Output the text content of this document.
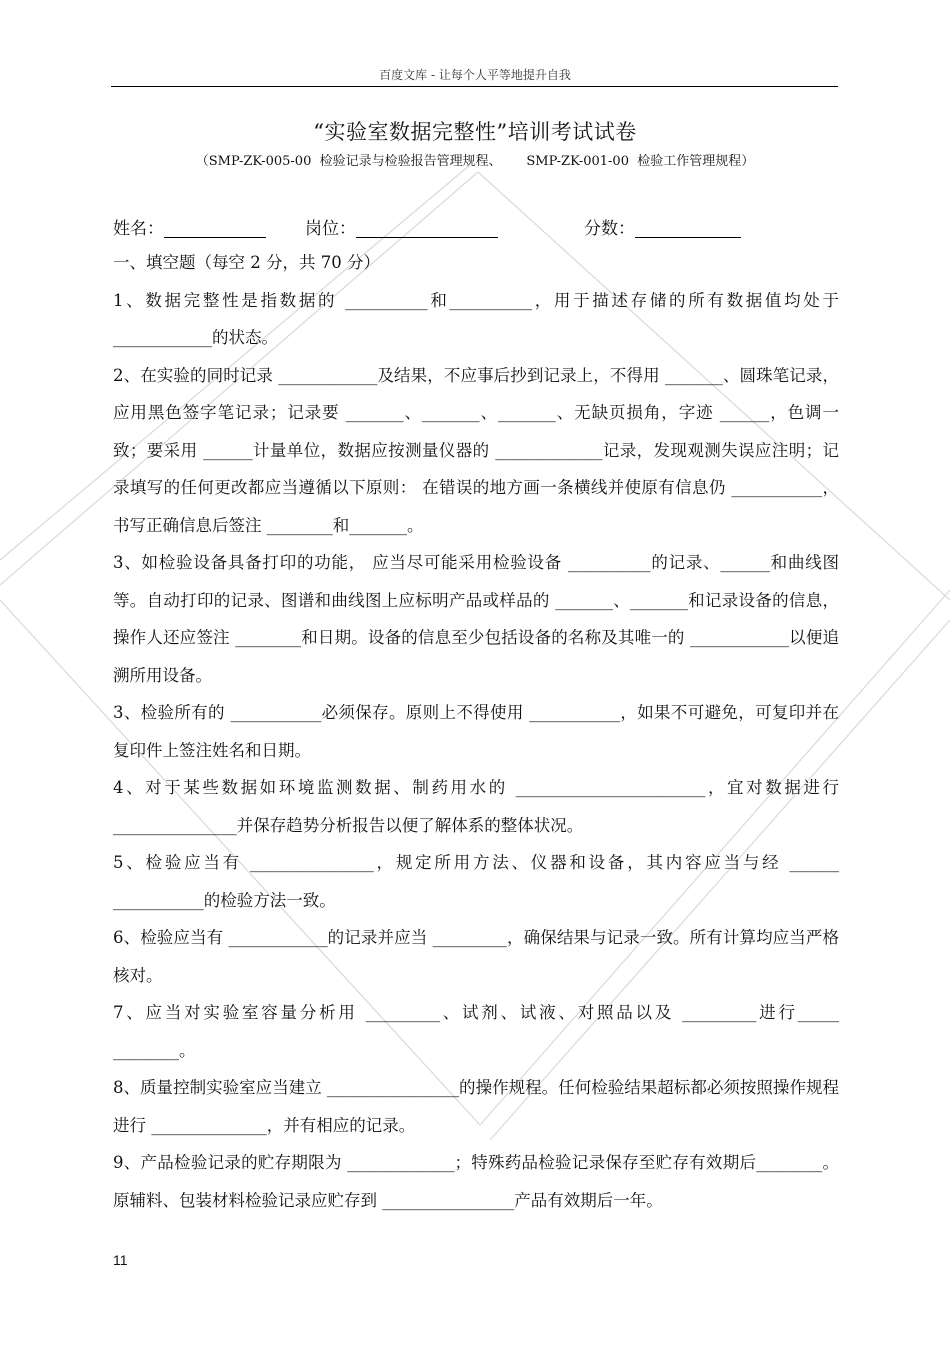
百度文库 - 让每个人平等地提升自我
“实验室数据完整性”培训考试试卷
（SMP-ZK-005-00  检验记录与检验报告管理规程、      SMP-ZK-001-00  检验工作管理规程）
姓名：	岗位：	分数：

一、填空题（每空 2 分，共 70 分）

1、数据完整性是指数据的 __________和__________，用于描述存储的所有数据值均处于 ____________的状态。

2、在实验的同时记录 ____________及结果，不应事后抄到记录上，不得用 _______、圆珠笔记录，应用黑色签字笔记录；记录要 _______、_______、_______、无缺页损角，字迹 ______，色调一致；要采用 ______计量单位，数据应按测量仪器的 _____________记录，发现观测失误应注明；记录填写的任何更改都应当遵循以下原则： 在错误的地方画一条横线并使原有信息仍 ___________，书写正确信息后签注 ________和_______。

3、如检验设备具备打印的功能， 应当尽可能采用检验设备 __________的记录、______和曲线图等。自动打印的记录、图谱和曲线图上应标明产品或样品的 _______、_______和记录设备的信息，操作人还应签注 ________和日期。设备的信息至少包括设备的名称及其唯一的 ____________以便追溯所用设备。

3、检验所有的 ___________必须保存。原则上不得使用 ___________，如果不可避免，可复印并在复印件上签注姓名和日期。

4、对于某些数据如环境监测数据、制药用水的 _______________________，宜对数据进行 _______________并保存趋势分析报告以便了解体系的整体状况。

5、检验应当有 _______________，规定所用方法、仪器和设备，其内容应当与经 ______ ___________的检验方法一致。

6、检验应当有 ____________的记录并应当 _________，确保结果与记录一致。所有计算均应当严格核对。

7、应当对实验室容量分析用 _________、试剂、试液、对照品以及 _________进行_____ ________。

8、质量控制实验室应当建立 ________________的操作规程。任何检验结果超标都必须按照操作规程进行 ______________，并有相应的记录。

9、产品检验记录的贮存期限为 _____________；特殊药品检验记录保存至贮存有效期后________。原辅料、包装材料检验记录应贮存到 ________________产品有效期后一年。

11
